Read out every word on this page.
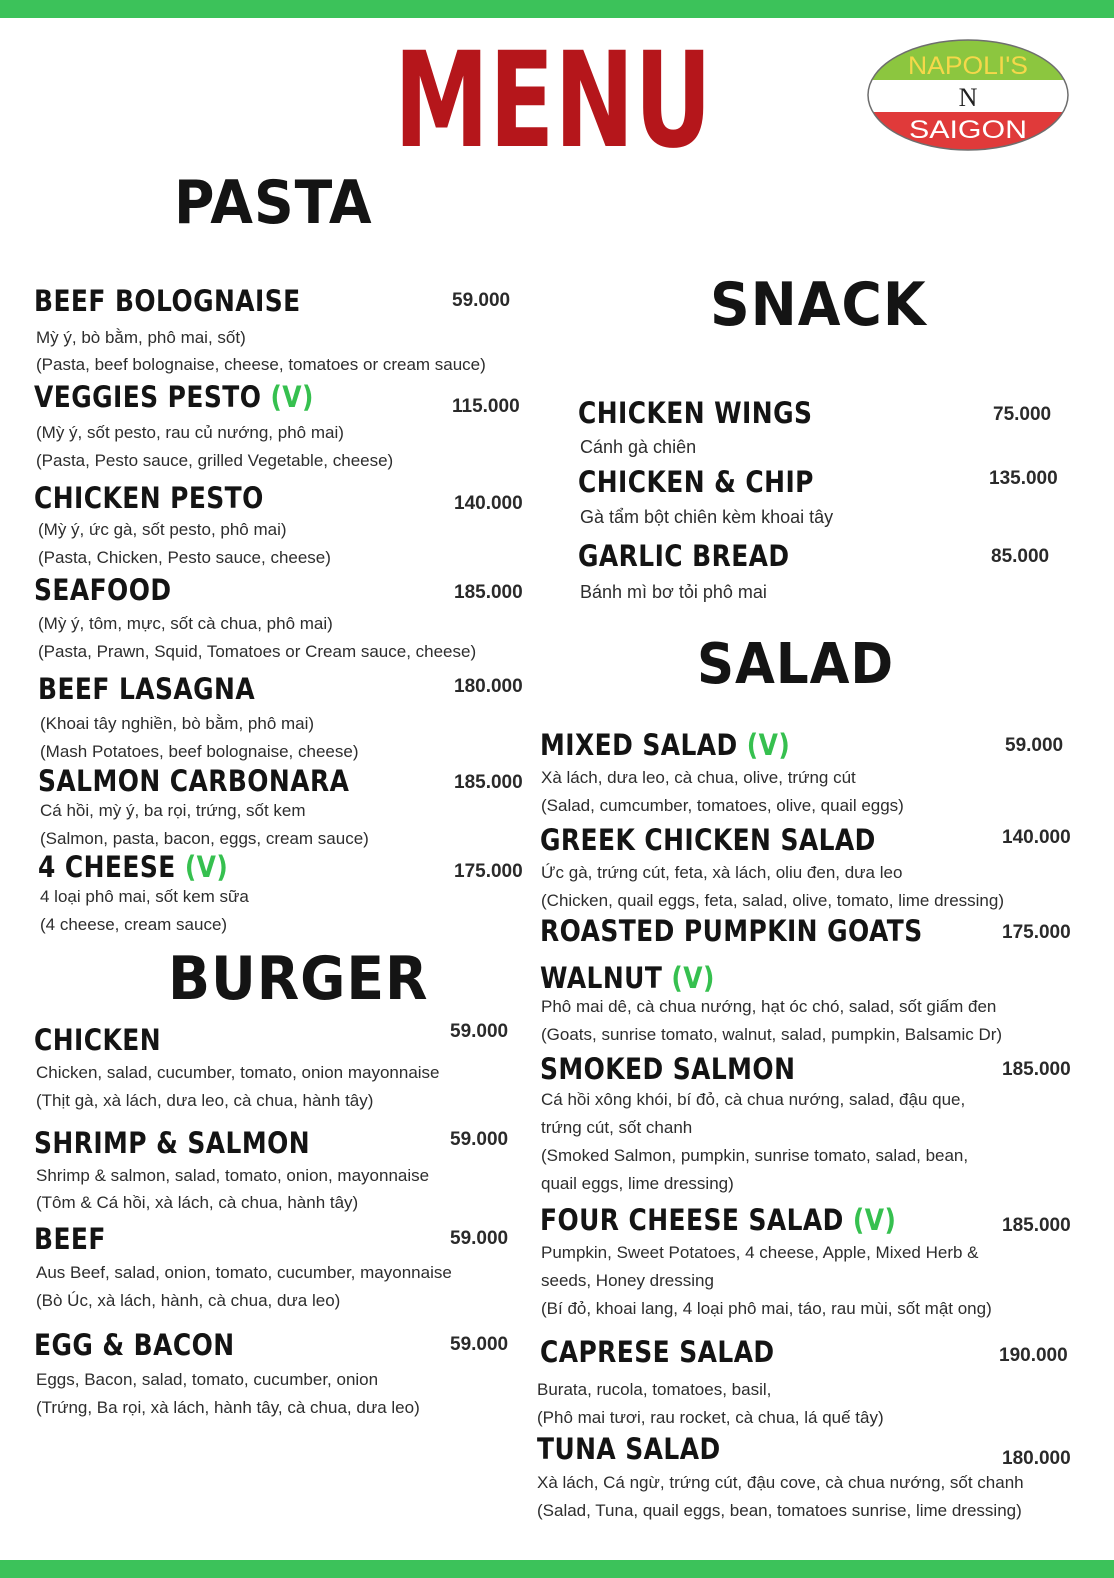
MENU	NAPOLI'S
N
SAIGON
PASTA
BEEF BOLOGNAISE	59.000
Mỳ ý, bò bằm, phô mai, sốt)
(Pasta, beef bolognaise, cheese, tomatoes or cream sauce)
VEGGIES PESTO (V)	115.000
(Mỳ ý, sốt pesto, rau củ nướng, phô mai)
(Pasta, Pesto sauce, grilled Vegetable, cheese)
CHICKEN PESTO	140.000
(Mỳ ý, ức gà, sốt pesto, phô mai)
(Pasta, Chicken, Pesto sauce, cheese)
SEAFOOD	185.000
(Mỳ ý, tôm, mực, sốt cà chua, phô mai)
(Pasta, Prawn, Squid, Tomatoes or Cream sauce, cheese)
BEEF LASAGNA	180.000
(Khoai tây nghiền, bò bằm, phô mai)
(Mash Potatoes, beef bolognaise, cheese)
SALMON CARBONARA	185.000
Cá hồi, mỳ ý, ba rọi, trứng, sốt kem
(Salmon, pasta, bacon, eggs, cream sauce)
4 CHEESE (V)	175.000
4 loại phô mai, sốt kem sữa
(4 cheese, cream sauce)
BURGER
CHICKEN	59.000
Chicken, salad, cucumber, tomato, onion mayonnaise
(Thịt gà, xà lách, dưa leo, cà chua, hành tây)
SHRIMP & SALMON	59.000
Shrimp & salmon, salad, tomato, onion, mayonnaise
(Tôm & Cá hồi, xà lách, cà chua, hành tây)
BEEF	59.000
Aus Beef, salad, onion, tomato, cucumber, mayonnaise
(Bò Úc, xà lách, hành, cà chua, dưa leo)
EGG & BACON	59.000
Eggs, Bacon, salad, tomato, cucumber, onion
(Trứng, Ba rọi, xà lách, hành tây, cà chua, dưa leo)
SNACK
CHICKEN WINGS	75.000
Cánh gà chiên
CHICKEN & CHIP	135.000
Gà tẩm bột chiên kèm khoai tây
GARLIC BREAD	85.000
Bánh mì bơ tỏi phô mai
SALAD
MIXED SALAD (V)	59.000
Xà lách, dưa leo, cà chua, olive, trứng cút
(Salad, cumcumber, tomatoes, olive, quail eggs)
GREEK CHICKEN SALAD	140.000
Ức gà, trứng cút, feta, xà lách, oliu đen, dưa leo
(Chicken, quail eggs, feta, salad, olive, tomato, lime dressing)
ROASTED PUMPKIN GOATS	175.000
WALNUT (V)
Phô mai dê, cà chua nướng, hạt óc chó, salad, sốt giấm đen
(Goats, sunrise tomato, walnut, salad, pumpkin, Balsamic Dr)
SMOKED SALMON	185.000
Cá hồi xông khói, bí đỏ, cà chua nướng, salad, đậu que,
trứng cút, sốt chanh
(Smoked Salmon, pumpkin, sunrise tomato, salad, bean,
quail eggs, lime dressing)
FOUR CHEESE SALAD (V)	185.000
Pumpkin, Sweet Potatoes, 4 cheese, Apple, Mixed Herb &
seeds, Honey dressing
(Bí đỏ, khoai lang, 4 loại phô mai, táo, rau mùi, sốt mật ong)
CAPRESE SALAD	190.000
Burata, rucola, tomatoes, basil,
(Phô mai tươi, rau rocket, cà chua, lá quế tây)
TUNA SALAD	180.000
Xà lách, Cá ngừ, trứng cút, đậu cove, cà chua nướng, sốt chanh
(Salad, Tuna, quail eggs, bean, tomatoes sunrise, lime dressing)
